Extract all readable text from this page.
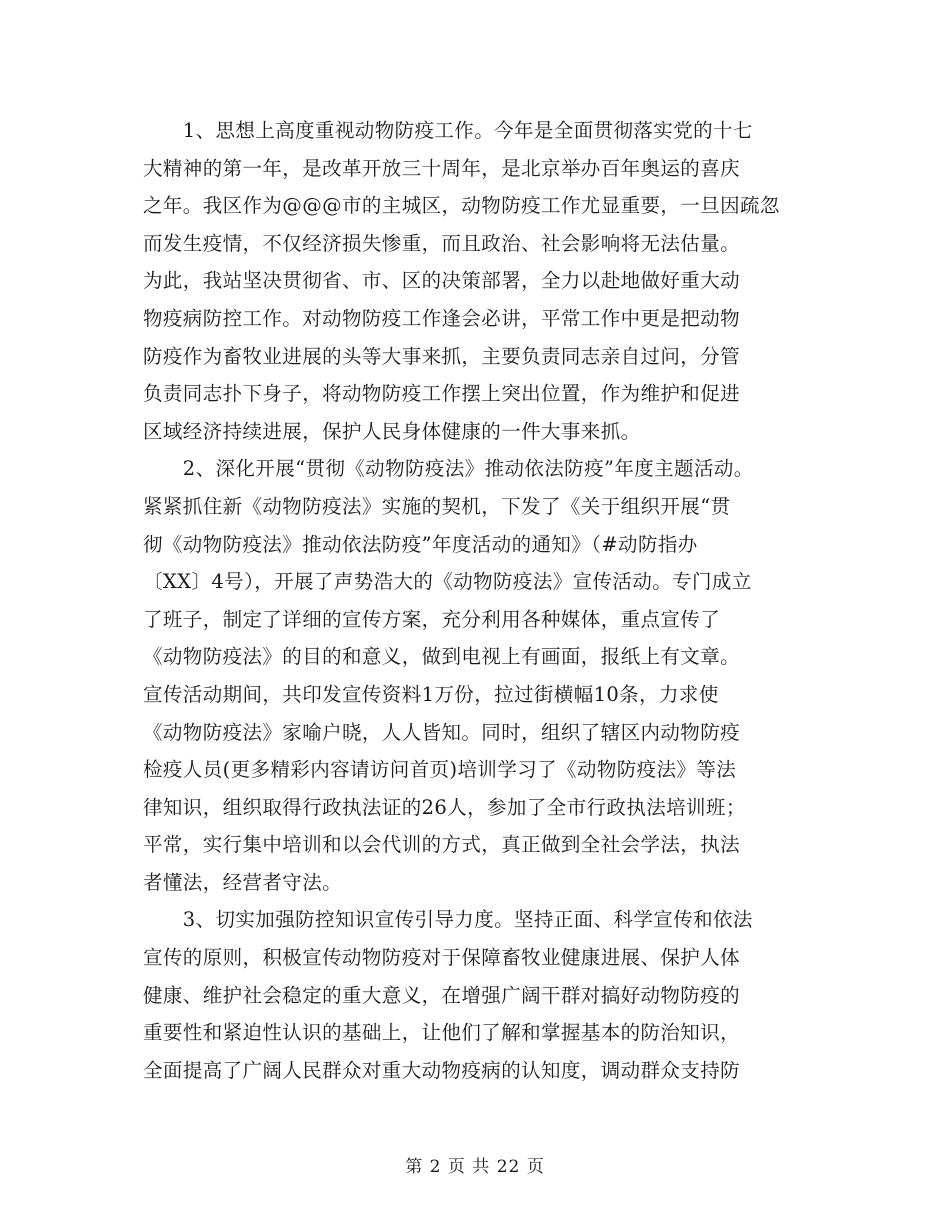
　　1、思想上高度重视动物防疫工作。今年是全面贯彻落实党的十七
大精神的第一年，是改革开放三十周年，是北京举办百年奥运的喜庆
之年。我区作为@@@市的主城区，动物防疫工作尤显重要，一旦因疏忽
而发生疫情，不仅经济损失惨重，而且政治、社会影响将无法估量。
为此，我站坚决贯彻省、市、区的决策部署，全力以赴地做好重大动
物疫病防控工作。对动物防疫工作逢会必讲，平常工作中更是把动物
防疫作为畜牧业进展的头等大事来抓，主要负责同志亲自过问，分管
负责同志扑下身子，将动物防疫工作摆上突出位置，作为维护和促进
区域经济持续进展，保护人民身体健康的一件大事来抓。
　　2、深化开展“贯彻《动物防疫法》推动依法防疫”年度主题活动。
紧紧抓住新《动物防疫法》实施的契机，下发了《关于组织开展“贯
彻《动物防疫法》推动依法防疫”年度活动的通知》（#动防指办
〔XX〕4号），开展了声势浩大的《动物防疫法》宣传活动。专门成立
了班子，制定了详细的宣传方案，充分利用各种媒体，重点宣传了
《动物防疫法》的目的和意义，做到电视上有画面，报纸上有文章。
宣传活动期间，共印发宣传资料1万份，拉过街横幅10条，力求使
《动物防疫法》家喻户晓，人人皆知。同时，组织了辖区内动物防疫
检疫人员(更多精彩内容请访问首页)培训学习了《动物防疫法》等法
律知识，组织取得行政执法证的26人，参加了全市行政执法培训班；
平常，实行集中培训和以会代训的方式，真正做到全社会学法，执法
者懂法，经营者守法。
　　3、切实加强防控知识宣传引导力度。坚持正面、科学宣传和依法
宣传的原则，积极宣传动物防疫对于保障畜牧业健康进展、保护人体
健康、维护社会稳定的重大意义，在增强广阔干群对搞好动物防疫的
重要性和紧迫性认识的基础上，让他们了解和掌握基本的防治知识，
全面提高了广阔人民群众对重大动物疫病的认知度，调动群众支持防
第 2 页 共 22 页
